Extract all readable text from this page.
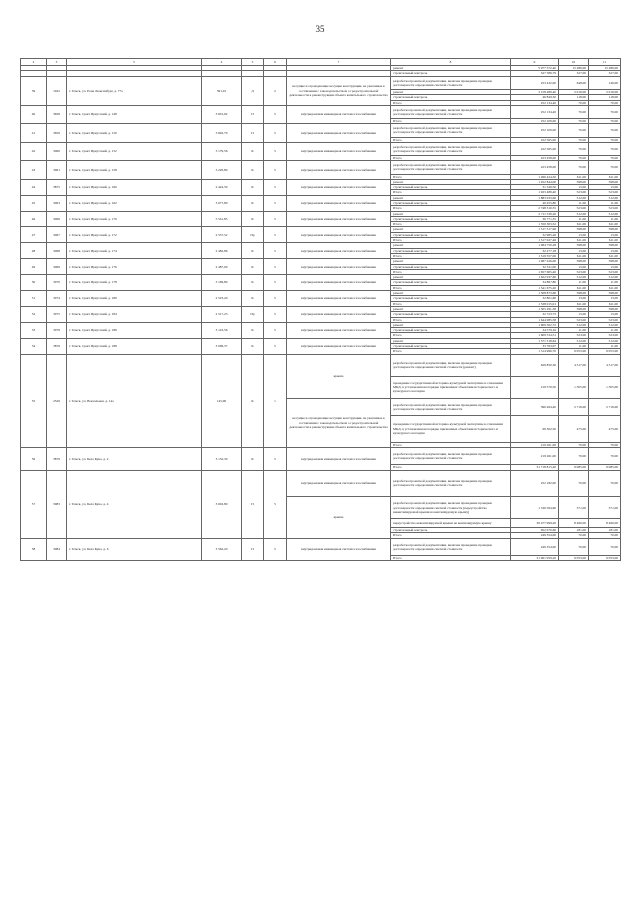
35
2	3	5	4	5	6	7	8	9	10	11
							ремонт	5 977 572,40	15 286,00	15 286,00
							строительный контроль	327 589,79	327,00	327,00
39	1922	г. Томск, ул. Розы Люксембург, д. 77а	591,10	Д	2	несущие и ограждающие несущие конструкции, не указанные в составлении с законодательством о градостроительной деятельности к реконструкции объекта капитального строительства	разработка проектной документации, включая проведение проверки достоверности определения сметной стоимости	253 432,00	648,00	146,00
							ремонт	3 158 489,40	5 019,00	5 019,00
							строительный контроль	46 849,30	118,00	118,00
							Итого	252 134,40	70,00	70,00
40	3658	г. Томск, тракт Иркутский, д. 148	3 601,92	П	5	внутридомовая инженерная система газоснабжения	разработка проектной документации, включая проведение проверки достоверности определения сметной стоимости	252 134,40	70,00	70,00
							Итого	252 109,00	70,00	70,00
41	3659	г. Томск, тракт Иркутский, д. 150	3 692,70	П	5	внутридомовая инженерная система газоснабжения	разработка проектной документации, включая проведение проверки достоверности определения сметной стоимости	252 109,00	70,00	70,00
							Итого	222 565,00	70,00	70,00
42	3060	г. Томск, тракт Иркутский, д. 152	3 179,56	К	5	внутридомовая инженерная система газоснабжения	разработка проектной документации, включая проведение проверки достоверности определения сметной стоимости	222 565,00	70,00	70,00
							Итого	223 458,00	70,00	70,00
43	3061	г. Томск, тракт Иркутский, д. 158	3 220,80	К	5	внутридомовая инженерная система газоснабжения	разработка проектной документации, включая проведение проверки достоверности определения сметной стоимости	223 458,00	70,00	70,00
							Итого	1 496 424,50	611,00	611,00
44	3875	г. Томск, тракт Иркутский, д. 160	2 424,50	К	5	внутридомовая инженерная система газоснабжения	ремонт	1 452 844,00	598,00	598,00
							строительный контроль	31 546,50	13,00	13,00
							Итого	1 923 489,40	523,00	523,00
45	3063	г. Томск, тракт Иркутский, д. 162	3 677,80	К	5	внутридомовая инженерная система газоснабжения	ремонт	1 883 033,60	512,00	512,00
							строительный контроль	40 455,80	11,00	11,00
							Итого	2 748 310,55	523,00	523,00
46	3066	г. Томск, тракт Иркутский, д. 170	5 541,85	К	5	внутридомовая инженерная система газоснабжения	ремонт	2 711 539,20	512,00	512,00
							строительный контроль	36 771,35	11,00	11,00
							Итого	1 550 303,52	611,00	611,00
47	3067	г. Томск, тракт Иркутский, д. 172	2 537,52	Пр	5	внутридомовая инженерная система газоснабжения	ремонт	1 517 317,96	598,00	598,00
							строительный контроль	32 985,26	13,00	13,00
							Итого	1 517 027,46	611,00	611,00
48	3068	г. Томск, тракт Иркутский, д. 174	2 482,86	К	5	внутридомовая инженерная система газоснабжения	ремонт	1 484 750,28	598,00	598,00
							строительный контроль	32 277,18	13,00	13,00
							Итого	1 519 557,00	611,00	611,00
49	3069	г. Томск, тракт Иркутский, д. 176	2 487,00	К	5	внутридомовая инженерная система газоснабжения	ремонт	1 487 226,00	598,00	598,00
							строительный контроль	32 331,00	13,00	13,00
							Итого	1 657 605,40	523,00	523,00
50	3070	г. Томск, тракт Иркутский, д. 178	3 169,80	К	5	внутридомовая инженерная система газоснабжения	ремонт	1 622 937,60	512,00	512,00
							строительный контроль	34 867,80	11,00	11,00
							Итого	1 541 675,20	611,00	611,00
51	3074	г. Томск, тракт Иркутский, д. 180	2 523,20	К	5	внутридомовая инженерная система газоснабжения	ремонт	1 508 873,60	598,00	598,00
							строительный контроль	32 801,60	13,00	13,00
							Итого	1 538 015,01	611,00	611,00
52	3075	г. Томск, тракт Иркутский, д. 184	2 517,23	Пр	5	внутридомовая инженерная система газоснабжения	ремонт	1 505 291,58	598,00	598,00
							строительный контроль	32 723,73	13,00	13,00
							Итого	1 644 085,58	523,00	523,00
53	3076	г. Томск, тракт Иркутский, д. 186	3 143,56	К	5	внутридомовая инженерная система газоснабжения	ремонт	1 609 502,72	512,00	512,00
							строительный контроль	34 579,16	11,00	11,00
							Итого	1 609 534,51	523,00	523,00
54	3876	г. Томск, тракт Иркутский, д. 188	3 069,37	К	5	внутридомовая инженерная система газоснабжения	ремонт	1 571 518,64	512,00	512,00
							строительный контроль	33 763,07	11,00	11,00
							Итого	1 314 996,70	9 053,00	9 053,00
55	2529	г. Томск, ул. Вокзальная, д. 14а	145,90	К	1	крыша	разработка проектной документации, включая проведение проверки достоверности определения сметной стоимости (ремонт)	629 850,30	4 317,00	4 317,00
							проведение государственной историко-культурной экспертизы в отношении МКД, в установленном порядке признанных объектами исторического и культурного наследия	219 579,50	1 505,00	1 505,00
						несущие и ограждающие несущие конструкции, не указанные в составлении с законодательством о градостроительной деятельности к реконструкции объекта капитального строительства	разработка проектной документации, включая проведение проверки достоверности определения сметной стоимости	396 264,40	2 716,00	2 716,00
							проведение государственной историко-культурной экспертизы в отношении МКД, в установленном порядке признанных объектами исторического и культурного наследия	69 302,50	475,00	475,00
							Итого	219 261,00	70,00	70,00
56	3879	г. Томск, ул. Бела Куна, д. 2	3 132,30	К	5	внутридомовая инженерная система газоснабжения	разработка проектной документации, включая проведение проверки достоверности определения сметной стоимости	219 261,00	70,00	70,00
							Итого	31 718 815,20	9 085,00	9 085,00
57	3083	г. Томск, ул. Бела Куна, д. 4	3 602,80	П	5	внутридомовая инженерная система газоснабжения	разработка проектной документации, включая проведение проверки достоверности определения сметной стоимости	252 182,00	70,00	70,00
						крыша	разработка проектной документации, включая проведение проверки достоверности определения сметной стоимости (переустройство невентилируемой крыши на вентилируемую крышу)	1 336 564,60	371,00	371,00
							переустройство невентилируемой крыши на вентилируемую крышу	30 477 999,20	8 460,00	8 460,00
							строительный контроль	652 070,60	181,00	181,00
							Итого	249 354,00	70,00	70,00
58	3084	г. Томск, ул. Бела Куна, д. 6	3 562,20	П	5	внутридомовая инженерная система газоснабжения	разработка проектной документации, включая проведение проверки достоверности определения сметной стоимости	249 354,00	70,00	70,00
							Итого	31 961 959,20	9 053,00	9 053,00
